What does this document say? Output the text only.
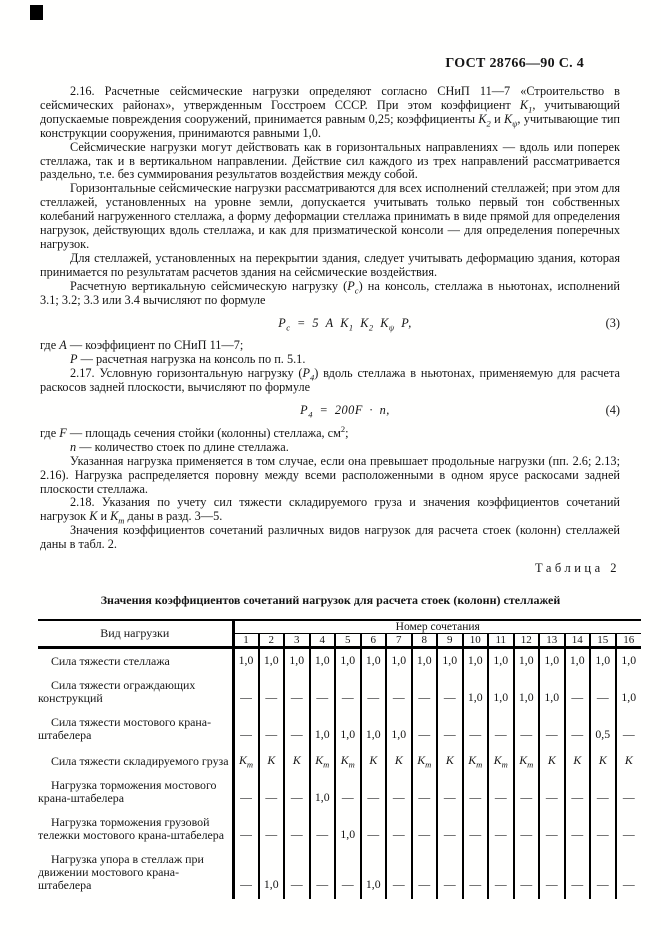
ГОСТ 28766—90 С. 4

2.16. Расчетные сейсмические нагрузки определяют согласно СНиП 11—7 «Строительство в сейсмических районах», утвержденным Госстроем СССР. При этом коэффициент $К_1$, учитывающий допускаемые повреждения сооружений, принимается равным 0,25; коэффициенты $К_2$ и $К_\psi$, учитывающие тип конструкции сооружения, принимаются равными 1,0.

Сейсмические нагрузки могут действовать как в горизонтальных направлениях — вдоль или поперек стеллажа, так и в вертикальном направлении. Действие сил каждого из трех направлений рассматривается раздельно, т.е. без суммирования результатов воздействия между собой.

Горизонтальные сейсмические нагрузки рассматриваются для всех исполнений стеллажей; при этом для стеллажей, установленных на уровне земли, допускается учитывать только первый тон собственных колебаний нагруженного стеллажа, а форму деформации стеллажа принимать в виде прямой для определения нагрузок, действующих вдоль стеллажа, и как для призматической консоли — для определения поперечных нагрузок.

Для стеллажей, установленных на перекрытии здания, следует учитывать деформацию здания, которая принимается по результатам расчетов здания на сейсмические воздействия.

Расчетную вертикальную сейсмическую нагрузку $(Р_с)$ на консоль, стеллажа в ньютонах, исполнений 3.1; 3.2; 3.3 или 3.4 вычисляют по формуле

$Р_с = 5$ А $К_1$ $К_2$ $К_\psi$ Р,	(3)

где А — коэффициент по СНиП 11—7;

Р — расчетная нагрузка на консоль по п. 5.1.

2.17. Условную горизонтальную нагрузку $(Р_4)$ вдоль стеллажа в ньютонах, применяемую для расчета раскосов задней плоскости, вычисляют по формуле

$Р_4 = 200F \cdot n$,	(4)

где F — площадь сечения стойки (колонны) стеллажа, $см^2$;

n — количество стоек по длине стеллажа.

Указанная нагрузка применяется в том случае, если она превышает продольные нагрузки (пп. 2.6; 2.13; 2.16). Нагрузка распределяется поровну между всеми расположенными в одном ярусе раскосами задней плоскости стеллажа.

2.18. Указания по учету сил тяжести складируемого груза и значения коэффициентов сочетаний нагрузок К и $К_т$ даны в разд. 3—5.

Значения коэффициентов сочетаний различных видов нагрузок для расчета стоек (колонн) стеллажей даны в табл. 2.

Таблица 2
Значения коэффициентов сочетаний нагрузок для расчета стоек (колонн) стеллажей
Вид нагрузки	Номер сочетания															
	1	2	3	4	5	6	7	8	9	10	11	12	13	14	15	16

Сила тяжести стеллажа	1,0	1,0	1,0	1,0	1,0	1,0	1,0	1,0	1,0	1,0	1,0	1,0	1,0	1,0	1,0	1,0

Сила тяжести ограждающих конструкций	—	—	—	—	—	—	—	—	—	1,0	1,0	1,0	1,0	—	—	1,0

Сила тяжести мостового крана-штабелера	—	—	—	1,0	1,0	1,0	1,0	—	—	—	—	—	—	—	0,5	—

Сила тяжести складируемого груза	$К_т$	К	К	$К_т$	$К_т$	К	К	$К_т$	К	$К_т$	$К_т$	$К_т$	К	К	К	К

Нагрузка торможения мостового крана-штабелера	—	—	—	1,0	—	—	—	—	—	—	—	—	—	—	—	—

Нагрузка торможения грузовой тележки мостового крана-штабелера	—	—	—	—	1,0	—	—	—	—	—	—	—	—	—	—	—

Нагрузка упора в стеллаж при движении мостового крана-штабелера	—	1,0	—	—	—	1,0	—	—	—	—	—	—	—	—	—	—
